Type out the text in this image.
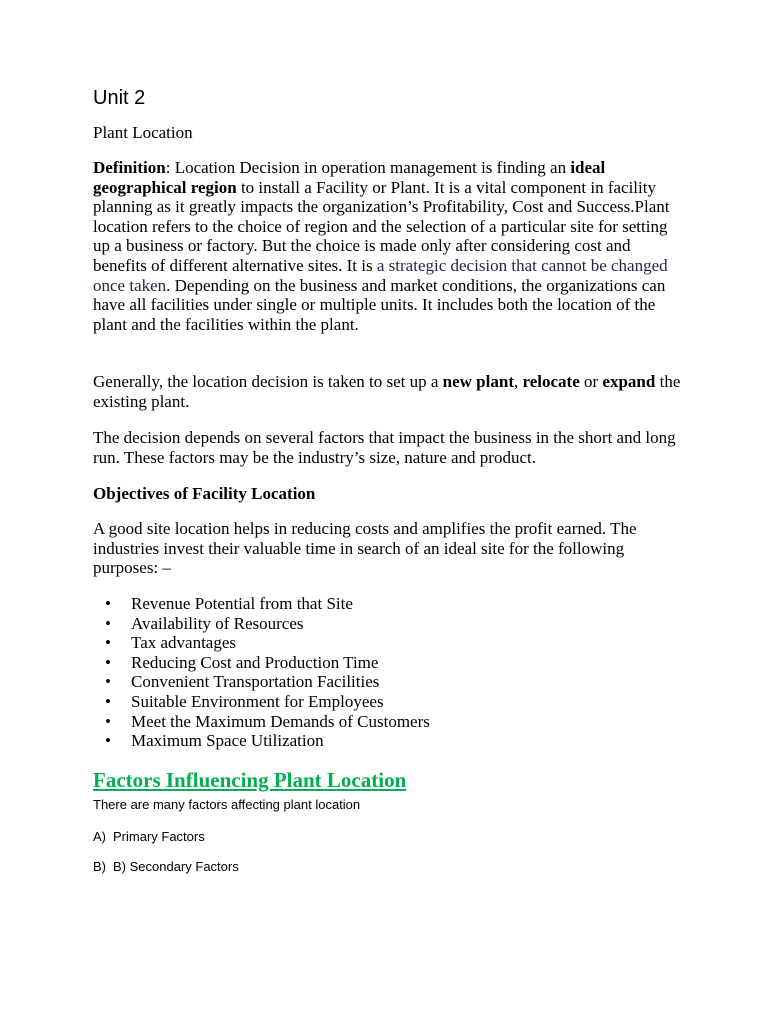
Unit 2
Plant Location

Definition: Location Decision in operation management is finding an ideal geographical region to install a Facility or Plant. It is a vital component in facility planning as it greatly impacts the organization’s Profitability, Cost and Success.Plant location refers to the choice of region and the selection of a particular site for setting up a business or factory. But the choice is made only after considering cost and benefits of different alternative sites. It is a strategic decision that cannot be changed once taken. Depending on the business and market conditions, the organizations can have all facilities under single or multiple units. It includes both the location of the plant and the facilities within the plant.

Generally, the location decision is taken to set up a new plant, relocate or expand the existing plant.

The decision depends on several factors that impact the business in the short and long run. These factors may be the industry’s size, nature and product.

Objectives of Facility Location

A good site location helps in reducing costs and amplifies the profit earned. The industries invest their valuable time in search of an ideal site for the following purposes: –

• Revenue Potential from that Site
• Availability of Resources
• Tax advantages
• Reducing Cost and Production Time
• Convenient Transportation Facilities
• Suitable Environment for Employees
• Meet the Maximum Demands of Customers
• Maximum Space Utilization
Factors Influencing Plant Location
There are many factors affecting plant location
A) Primary Factors
B) B) Secondary Factors
